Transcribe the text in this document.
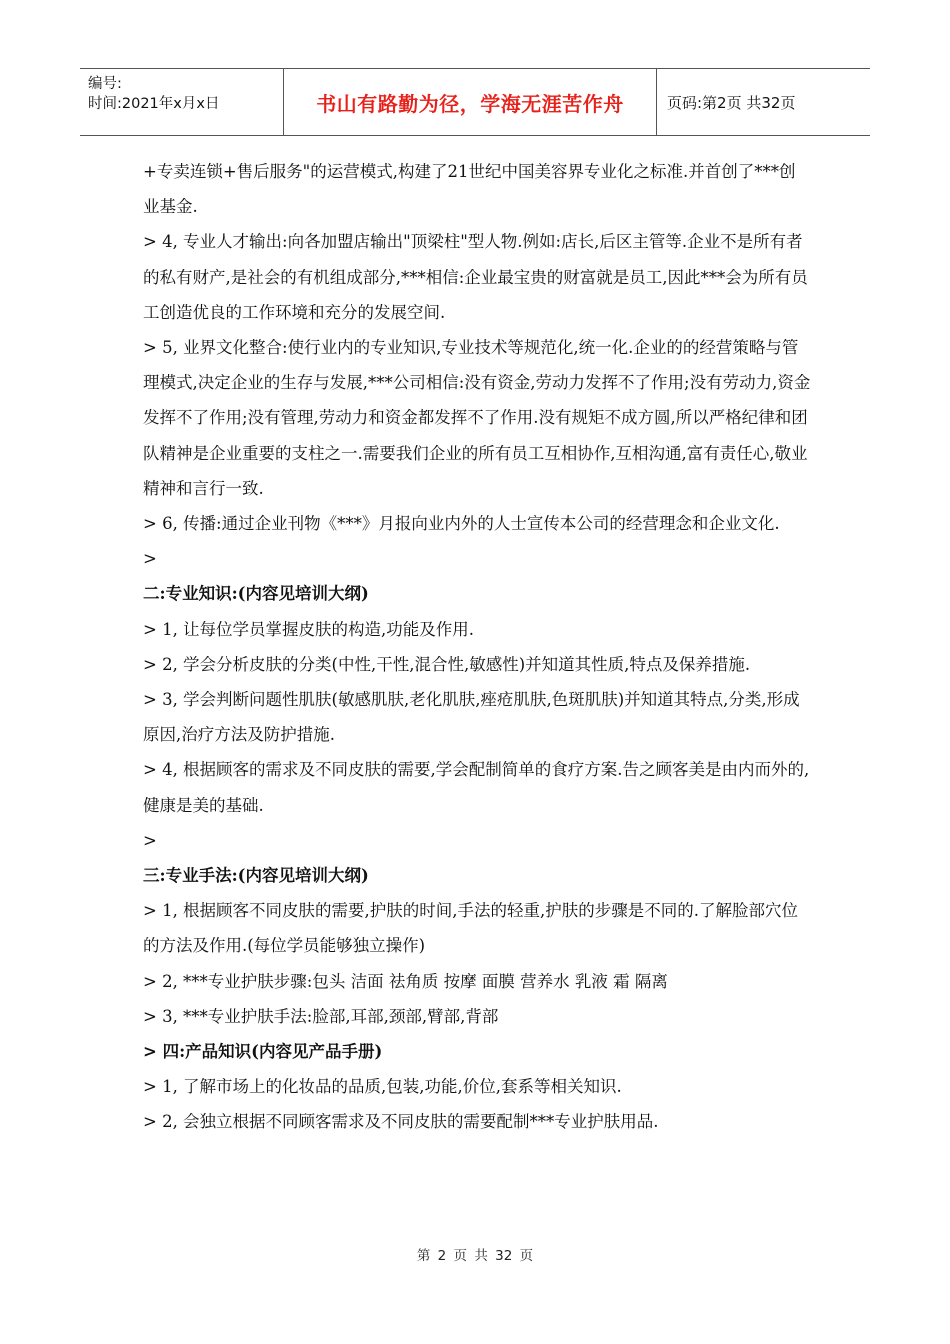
编号:
时间:2021年x月x日	书山有路勤为径，学海无涯苦作舟	页码:第2页 共32页

+专卖连锁+售后服务"的运营模式,构建了21世纪中国美容界专业化之标准.并首创了***创业基金.

> 4, 专业人才输出:向各加盟店输出"顶梁柱"型人物.例如:店长,后区主管等.企业不是所有者的私有财产,是社会的有机组成部分,***相信:企业最宝贵的财富就是员工,因此***会为所有员工创造优良的工作环境和充分的发展空间.

> 5, 业界文化整合:使行业内的专业知识,专业技术等规范化,统一化.企业的的经营策略与管理模式,决定企业的生存与发展,***公司相信:没有资金,劳动力发挥不了作用;没有劳动力,资金发挥不了作用;没有管理,劳动力和资金都发挥不了作用.没有规矩不成方圆,所以严格纪律和团队精神是企业重要的支柱之一.需要我们企业的所有员工互相协作,互相沟通,富有责任心,敬业精神和言行一致.

> 6, 传播:通过企业刊物《***》月报向业内外的人士宣传本公司的经营理念和企业文化.

>

二:专业知识:(内容见培训大纲)

> 1, 让每位学员掌握皮肤的构造,功能及作用.

> 2, 学会分析皮肤的分类(中性,干性,混合性,敏感性)并知道其性质,特点及保养措施.

> 3, 学会判断问题性肌肤(敏感肌肤,老化肌肤,痤疮肌肤,色斑肌肤)并知道其特点,分类,形成原因,治疗方法及防护措施.

> 4, 根据顾客的需求及不同皮肤的需要,学会配制简单的食疗方案.告之顾客美是由内而外的,健康是美的基础.

>

三:专业手法:(内容见培训大纲)

> 1, 根据顾客不同皮肤的需要,护肤的时间,手法的轻重,护肤的步骤是不同的.了解脸部穴位的方法及作用.(每位学员能够独立操作)

> 2, ***专业护肤步骤:包头 洁面 祛角质 按摩 面膜 营养水 乳液 霜 隔离

> 3, ***专业护肤手法:脸部,耳部,颈部,臂部,背部

> 四:产品知识(内容见产品手册)

> 1, 了解市场上的化妆品的品质,包装,功能,价位,套系等相关知识.

> 2, 会独立根据不同顾客需求及不同皮肤的需要配制***专业护肤用品.

第 2 页 共 32 页
